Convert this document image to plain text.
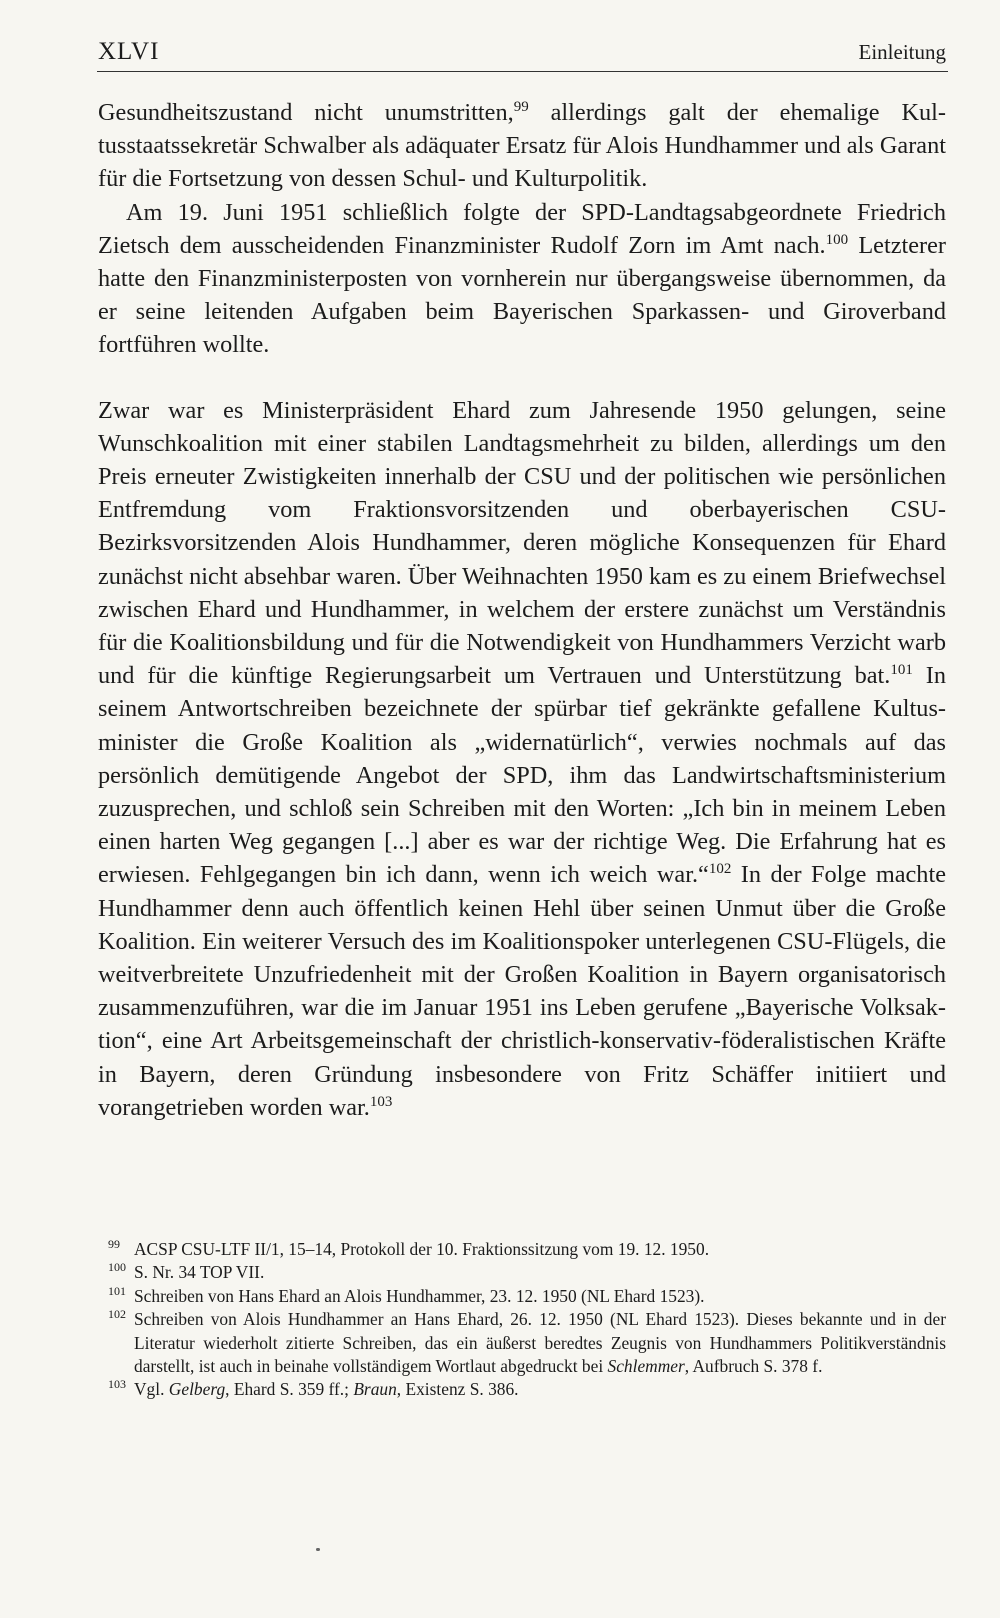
XLVI	Einleitung

Gesundheitszustand nicht unumstritten,$^{99}$ allerdings galt der ehemalige Kultusstaatssekretär Schwalber als adäquater Ersatz für Alois Hundhammer und als Garant für die Fortsetzung von dessen Schul- und Kulturpolitik.

Am 19. Juni 1951 schließlich folgte der SPD-Landtagsabgeordnete Friedrich Zietsch dem ausscheidenden Finanzminister Rudolf Zorn im Amt nach.$^{100}$ Letzterer hatte den Finanzministerposten von vornherein nur übergangsweise übernommen, da er seine leitenden Aufgaben beim Bayerischen Sparkassen- und Giroverband fortführen wollte.

Zwar war es Ministerpräsident Ehard zum Jahresende 1950 gelungen, seine Wunschkoalition mit einer stabilen Landtagsmehrheit zu bilden, allerdings um den Preis erneuter Zwistigkeiten innerhalb der CSU und der politischen wie persönlichen Entfremdung vom Fraktionsvorsitzenden und oberbayerischen CSU-Bezirksvorsitzenden Alois Hundhammer, deren mögliche Konsequenzen für Ehard zunächst nicht absehbar waren. Über Weihnachten 1950 kam es zu einem Briefwechsel zwischen Ehard und Hundhammer, in welchem der erstere zunächst um Verständnis für die Koalitionsbildung und für die Notwendigkeit von Hundhammers Verzicht warb und für die künftige Regierungsarbeit um Vertrauen und Unterstützung bat.$^{101}$ In seinem Antwortschreiben bezeichnete der spürbar tief gekränkte gefallene Kultusminister die Große Koalition als „widernatürlich“, verwies nochmals auf das persönlich demütigende Angebot der SPD, ihm das Landwirtschaftsministerium zuzusprechen, und schloß sein Schreiben mit den Worten: „Ich bin in meinem Leben einen harten Weg gegangen [...] aber es war der richtige Weg. Die Erfahrung hat es erwiesen. Fehlgegangen bin ich dann, wenn ich weich war.“$^{102}$ In der Folge machte Hundhammer denn auch öffentlich keinen Hehl über seinen Unmut über die Große Koalition. Ein weiterer Versuch des im Koalitionspoker unterlegenen CSU-Flügels, die weitverbreitete Unzufriedenheit mit der Großen Koalition in Bayern organisatorisch zusammenzuführen, war die im Januar 1951 ins Leben gerufene „Bayerische Volksaktion“, eine Art Arbeitsgemeinschaft der christlich-konservativ-föderalistischen Kräfte in Bayern, deren Gründung insbesondere von Fritz Schäffer initiiert und vorangetrieben worden war.$^{103}$

99 ACSP CSU-LTF II/1, 15–14, Protokoll der 10. Fraktionssitzung vom 19. 12. 1950.

100 S. Nr. 34 TOP VII.

101 Schreiben von Hans Ehard an Alois Hundhammer, 23. 12. 1950 (NL Ehard 1523).

102 Schreiben von Alois Hundhammer an Hans Ehard, 26. 12. 1950 (NL Ehard 1523). Dieses bekannte und in der Literatur wiederholt zitierte Schreiben, das ein äußerst beredtes Zeugnis von Hundhammers Politikverständnis darstellt, ist auch in beinahe vollständigem Wortlaut abgedruckt bei Schlemmer, Aufbruch S. 378 f.

103 Vgl. Gelberg, Ehard S. 359 ff.; Braun, Existenz S. 386.
